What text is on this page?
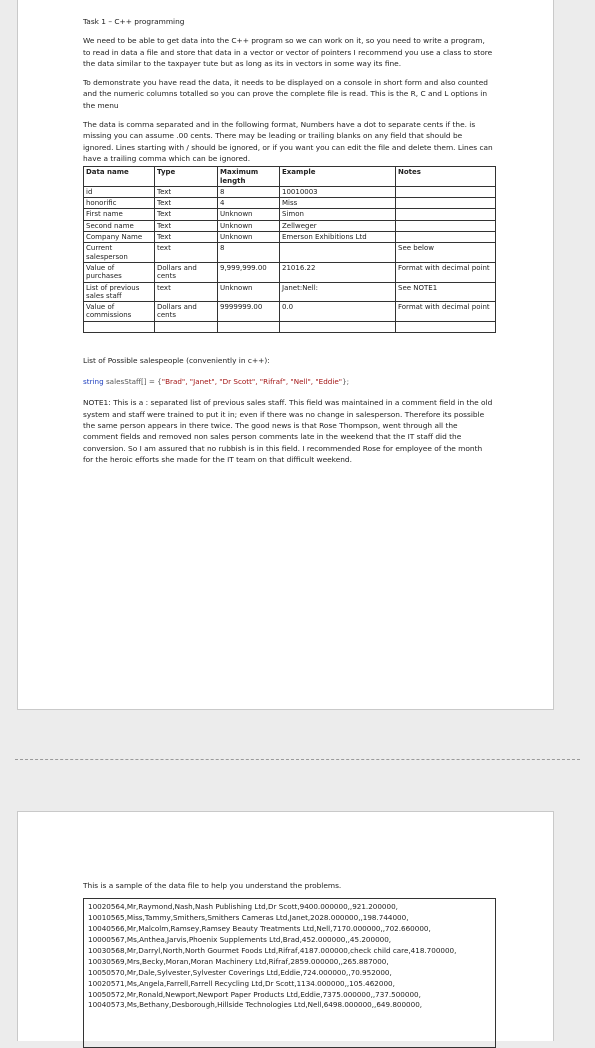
Task 1 – C++ programming

We need to be able to get data into the C++ program so we can work on it, so you need to write a program, to read in data a file and store that data in a vector or vector of pointers I recommend you use a class to store the data similar to the taxpayer tute but as long as its in vectors in some way its fine.

To demonstrate you have read the data, it needs to be displayed on a console in short form and also counted and the numeric columns totalled so you can prove the complete file is read. This is the R, C and L options in the menu

The data is comma separated and in the following format, Numbers have a dot to separate cents if the. is missing you can assume .00 cents. There may be leading or trailing blanks on any field that should be ignored. Lines starting with / should be ignored, or if you want you can edit the file and delete them. Lines can have a trailing comma which can be ignored.

Data name	Type	Maximum length	Example	Notes
id	Text	8	10010003	
honorific	Text	4	Miss	
First name	Text	Unknown	Simon	
Second name	Text	Unknown	Zellweger	
Company Name	Text	Unknown	Emerson Exhibitions Ltd	
Current salesperson	text	8		See below
Value of purchases	Dollars and cents	9,999,999.00	21016.22	Format with decimal point
List of previous sales staff	text	Unknown	Janet:Nell:	See NOTE1
Value of commissions	Dollars and cents	9999999.00	0.0	Format with decimal point

List of Possible salespeople (conveniently in c++):

string salesStaff[] = {"Brad", "Janet", "Dr Scott", "Rifraf", "Nell", "Eddie"};

NOTE1: This is a : separated list of previous sales staff. This field was maintained in a comment field in the old system and staff were trained to put it in; even if there was no change in salesperson. Therefore its possible the same person appears in there twice. The good news is that Rose Thompson, went through all the comment fields and removed non sales person comments late in the weekend that the IT staff did the conversion. So I am assured that no rubbish is in this field. I recommended Rose for employee of the month for the heroic efforts she made for the IT team on that difficult weekend.

This is a sample of the data file to help you understand the problems.

10020564,Mr,Raymond,Nash,Nash Publishing Ltd,Dr Scott,9400.000000,,921.200000,
10010565,Miss,Tammy,Smithers,Smithers Cameras Ltd,Janet,2028.000000,,198.744000,
10040566,Mr,Malcolm,Ramsey,Ramsey Beauty Treatments Ltd,Nell,7170.000000,,702.660000,
10000567,Ms,Anthea,Jarvis,Phoenix Supplements Ltd,Brad,452.000000,,45.200000,
10030568,Mr,Darryl,North,North Gourmet Foods Ltd,Rifraf,4187.000000,check child care,418.700000,
10030569,Mrs,Becky,Moran,Moran Machinery Ltd,Rifraf,2859.000000,,265.887000,
10050570,Mr,Dale,Sylvester,Sylvester Coverings Ltd,Eddie,724.000000,,70.952000,
10020571,Ms,Angela,Farrell,Farrell Recycling Ltd,Dr Scott,1134.000000,,105.462000,
10050572,Mr,Ronald,Newport,Newport Paper Products Ltd,Eddie,7375.000000,,737.500000,
10040573,Ms,Bethany,Desborough,Hillside Technologies Ltd,Nell,6498.000000,,649.800000,
